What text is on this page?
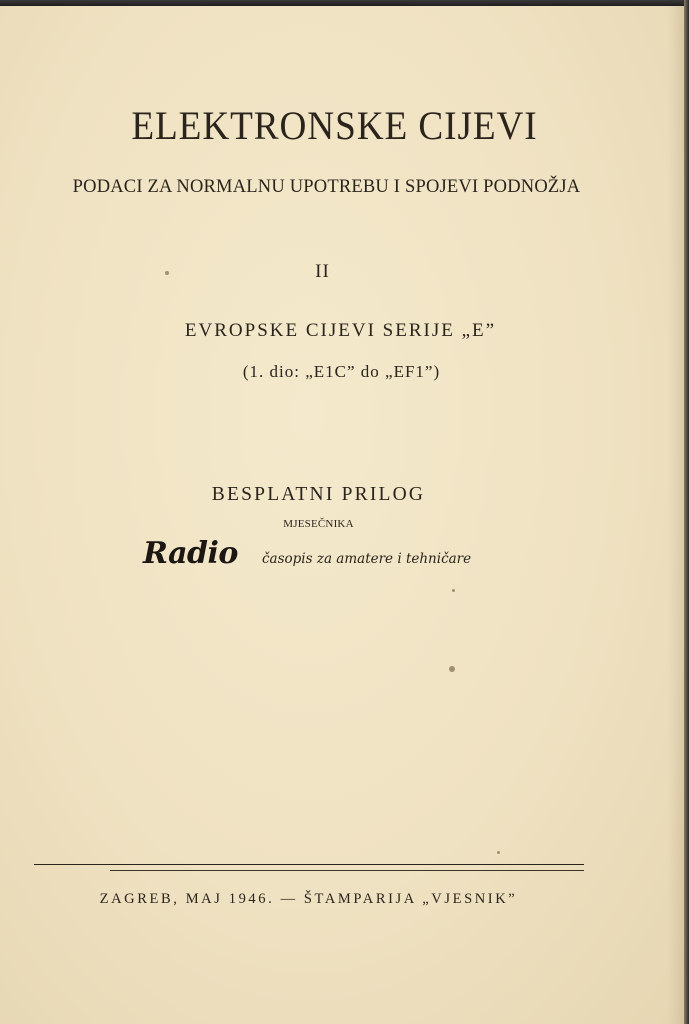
ELEKTRONSKE CIJEVI
PODACI ZA NORMALNU UPOTREBU I SPOJEVI PODNOŽJA
II
EVROPSKE CIJEVI SERIJE „E”
(1. dio: „E1C” do „EF1”)
BESPLATNI PRILOG
MJESEČNIKA
Radio časopis za amatere i tehničare
ZAGREB, MAJ 1946. — ŠTAMPARIJA „VJESNIK”
